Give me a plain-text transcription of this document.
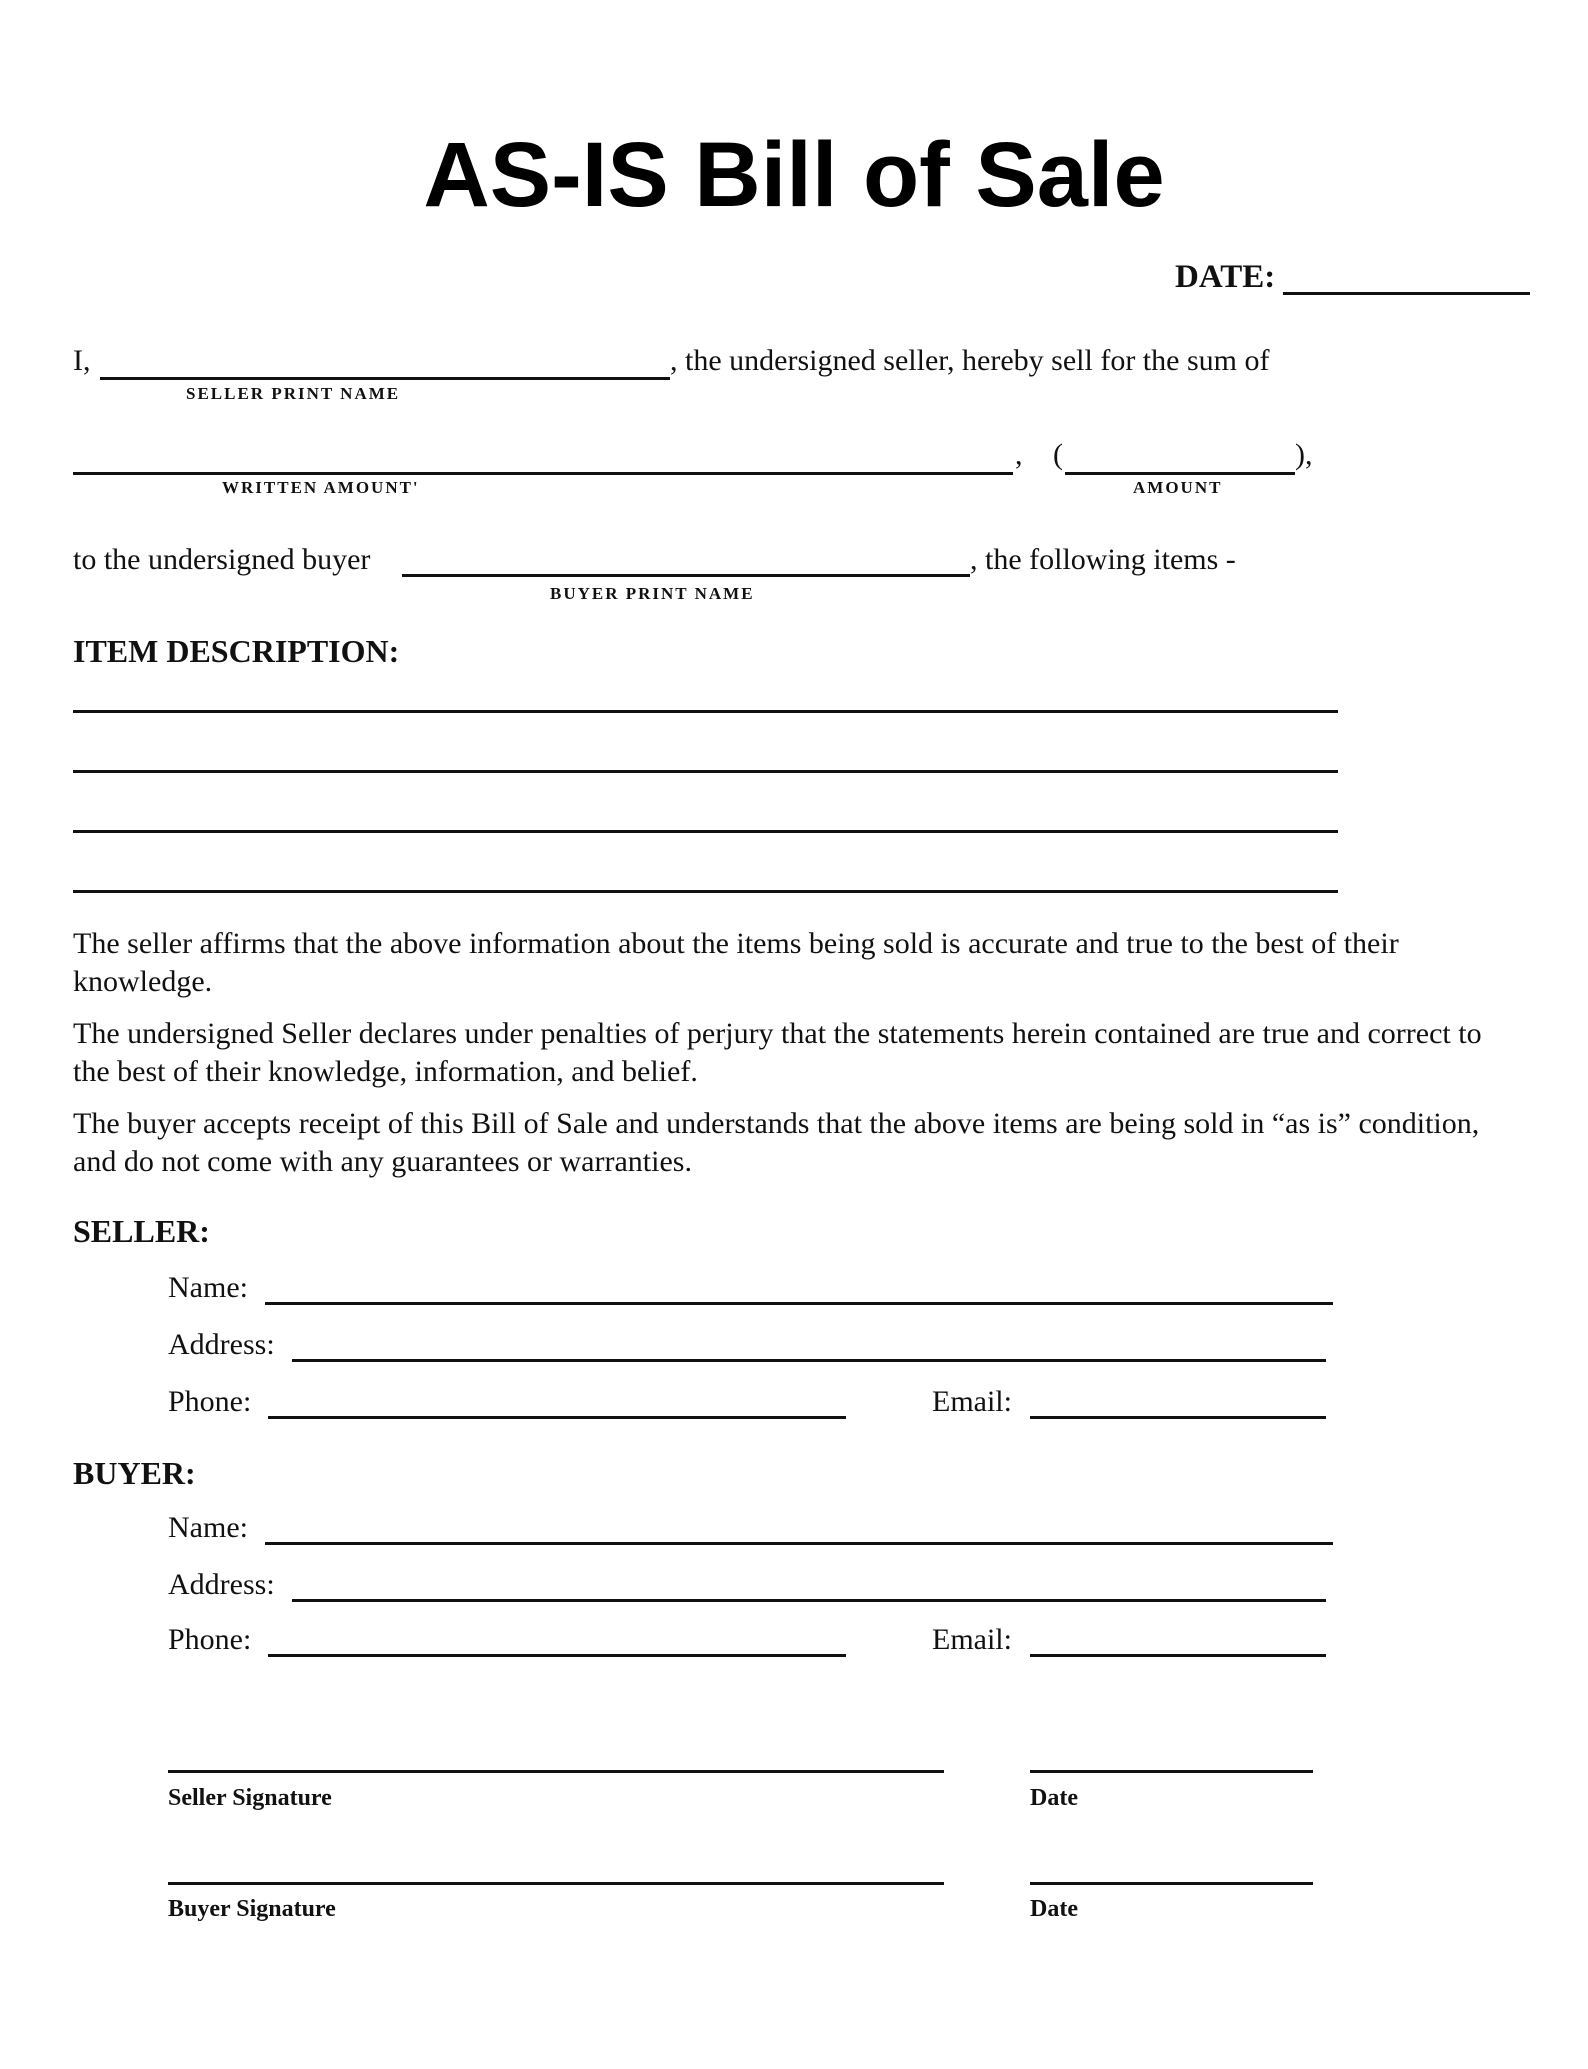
AS-IS Bill of Sale
DATE:
I,	, the undersigned seller, hereby sell for the sum of
SELLER PRINT NAME
, (	),
WRITTEN AMOUNT'	AMOUNT
to the undersigned buyer	, the following items -
BUYER PRINT NAME
ITEM DESCRIPTION:
The seller affirms that the above information about the items being sold is accurate and true to the best of their knowledge.
The undersigned Seller declares under penalties of perjury that the statements herein contained are true and correct to the best of their knowledge, information, and belief.
The buyer accepts receipt of this Bill of Sale and understands that the above items are being sold in “as is” condition, and do not come with any guarantees or warranties.
SELLER:
Name:
Address:
Phone:	Email:
BUYER:
Name:
Address:
Phone:	Email:
Seller Signature	Date
Buyer Signature	Date
